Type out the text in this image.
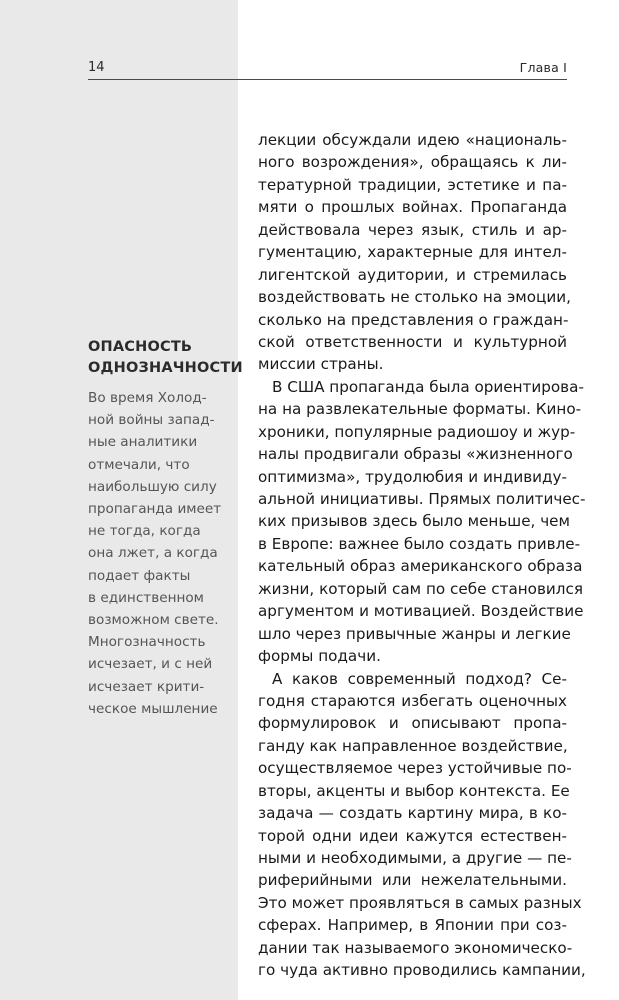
14	Глава I
ОПАСНОСТЬ
ОДНОЗНАЧНОСТИ
Во время Холод-
ной войны запад-
ные аналитики
отмечали, что
наибольшую силу
пропаганда имеет
не тогда, когда
она лжет, а когда
подает факты
в единственном
возможном свете.
Многозначность
исчезает, и с ней
исчезает крити-
ческое мышление
лекции обсуждали идею «националь-
ного возрождения», обращаясь к ли-
тературной традиции, эстетике и па-
мяти о прошлых войнах. Пропаганда
действовала через язык, стиль и ар-
гументацию, характерные для интел-
лигентской аудитории, и стремилась
воздействовать не столько на эмоции,
сколько на представления о граждан-
ской ответственности и культурной
миссии страны.
В США пропаганда была ориентирова-
на на развлекательные форматы. Кино-
хроники, популярные радиошоу и жур-
налы продвигали образы «жизненного
оптимизма», трудолюбия и индивиду-
альной инициативы. Прямых политичес-
ких призывов здесь было меньше, чем
в Европе: важнее было создать привле-
кательный образ американского образа
жизни, который сам по себе становился
аргументом и мотивацией. Воздействие
шло через привычные жанры и легкие
формы подачи.
А каков современный подход? Се-
годня стараются избегать оценочных
формулировок и описывают пропа-
ганду как направленное воздействие,
осуществляемое через устойчивые по-
вторы, акценты и выбор контекста. Ее
задача — создать картину мира, в ко-
торой одни идеи кажутся естествен-
ными и необходимыми, а другие — пе-
риферийными или нежелательными.
Это может проявляться в самых разных
сферах. Например, в Японии при соз-
дании так называемого экономическо-
го чуда активно проводились кампании,
